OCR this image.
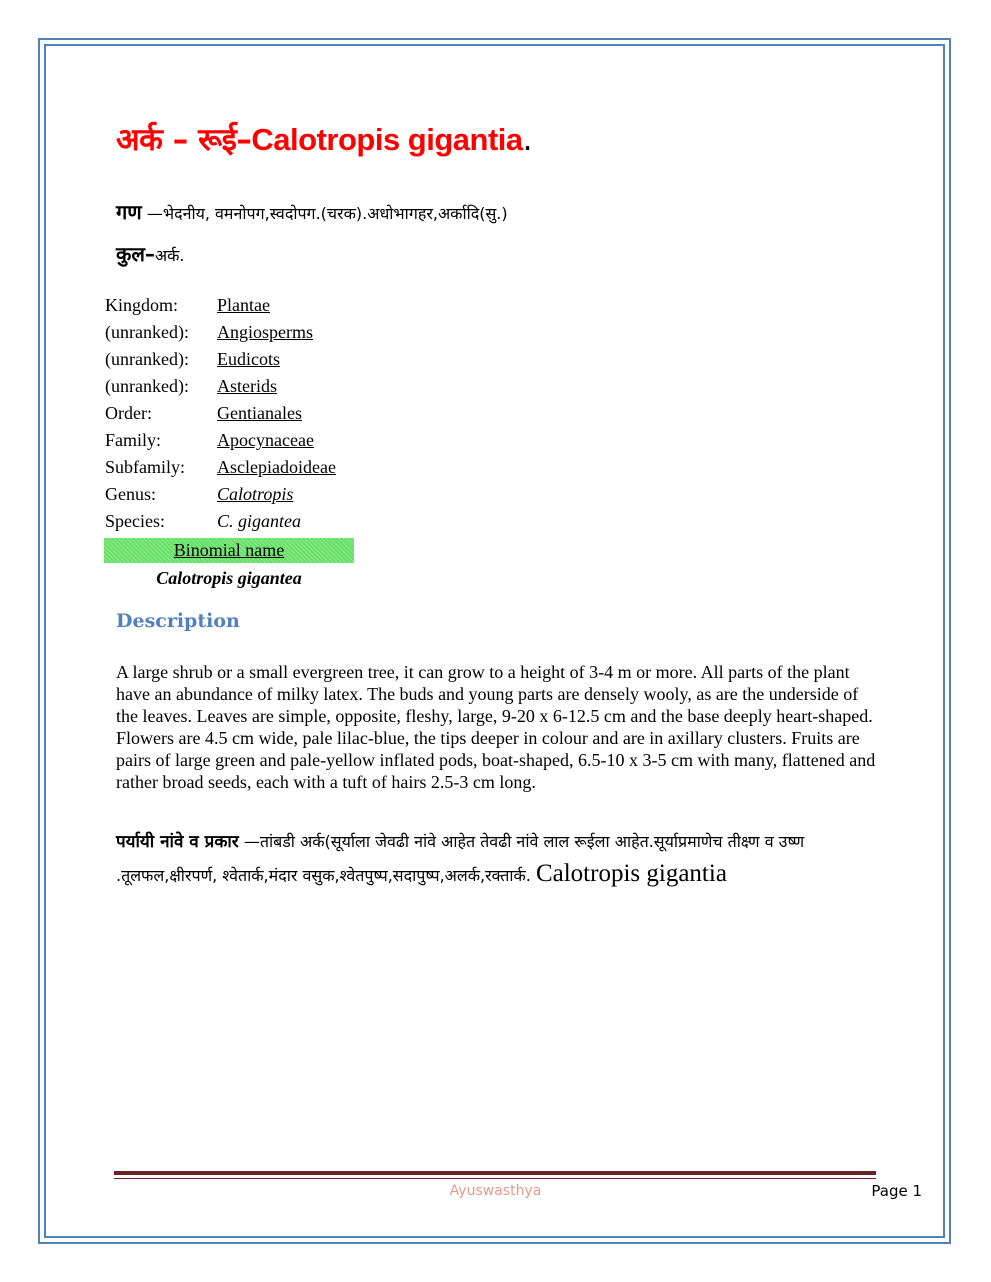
अर्क – रूई–Calotropis gigantia.
गण —भेदनीय, वमनोपग,स्वदोपग.(चरक).अधोभागहर,अर्कादि(सु.)
कुल–अर्क.
Kingdom:	Plantae
(unranked):	Angiosperms
(unranked):	Eudicots
(unranked):	Asterids
Order:	Gentianales
Family:	Apocynaceae
Subfamily:	Asclepiadoideae
Genus:	Calotropis
Species:	C. gigantea
Binomial name
Calotropis gigantea
Description

A large shrub or a small evergreen tree, it can grow to a height of 3-4 m or more. All parts of the plant have an abundance of milky latex. The buds and young parts are densely wooly, as are the underside of the leaves. Leaves are simple, opposite, fleshy, large, 9-20 x 6-12.5 cm and the base deeply heart-shaped. Flowers are 4.5 cm wide, pale lilac-blue, the tips deeper in colour and are in axillary clusters. Fruits are pairs of large green and pale-yellow inflated pods, boat-shaped, 6.5-10 x 3-5 cm with many, flattened and rather broad seeds, each with a tuft of hairs 2.5-3 cm long.

पर्यायी नांवे व प्रकार —तांबडी अर्क(सूर्याला जेवढी नांवे आहेत तेवढी नांवे लाल रूईला आहेत.सूर्याप्रमाणेच तीक्ष्ण व उष्ण .तूलफल,क्षीरपर्ण, श्वेतार्क,मंदार वसुक,श्वेतपुष्प,सदापुष्प,अलर्क,रक्तार्क. Calotropis gigantia

Ayuswasthya	Page 1
